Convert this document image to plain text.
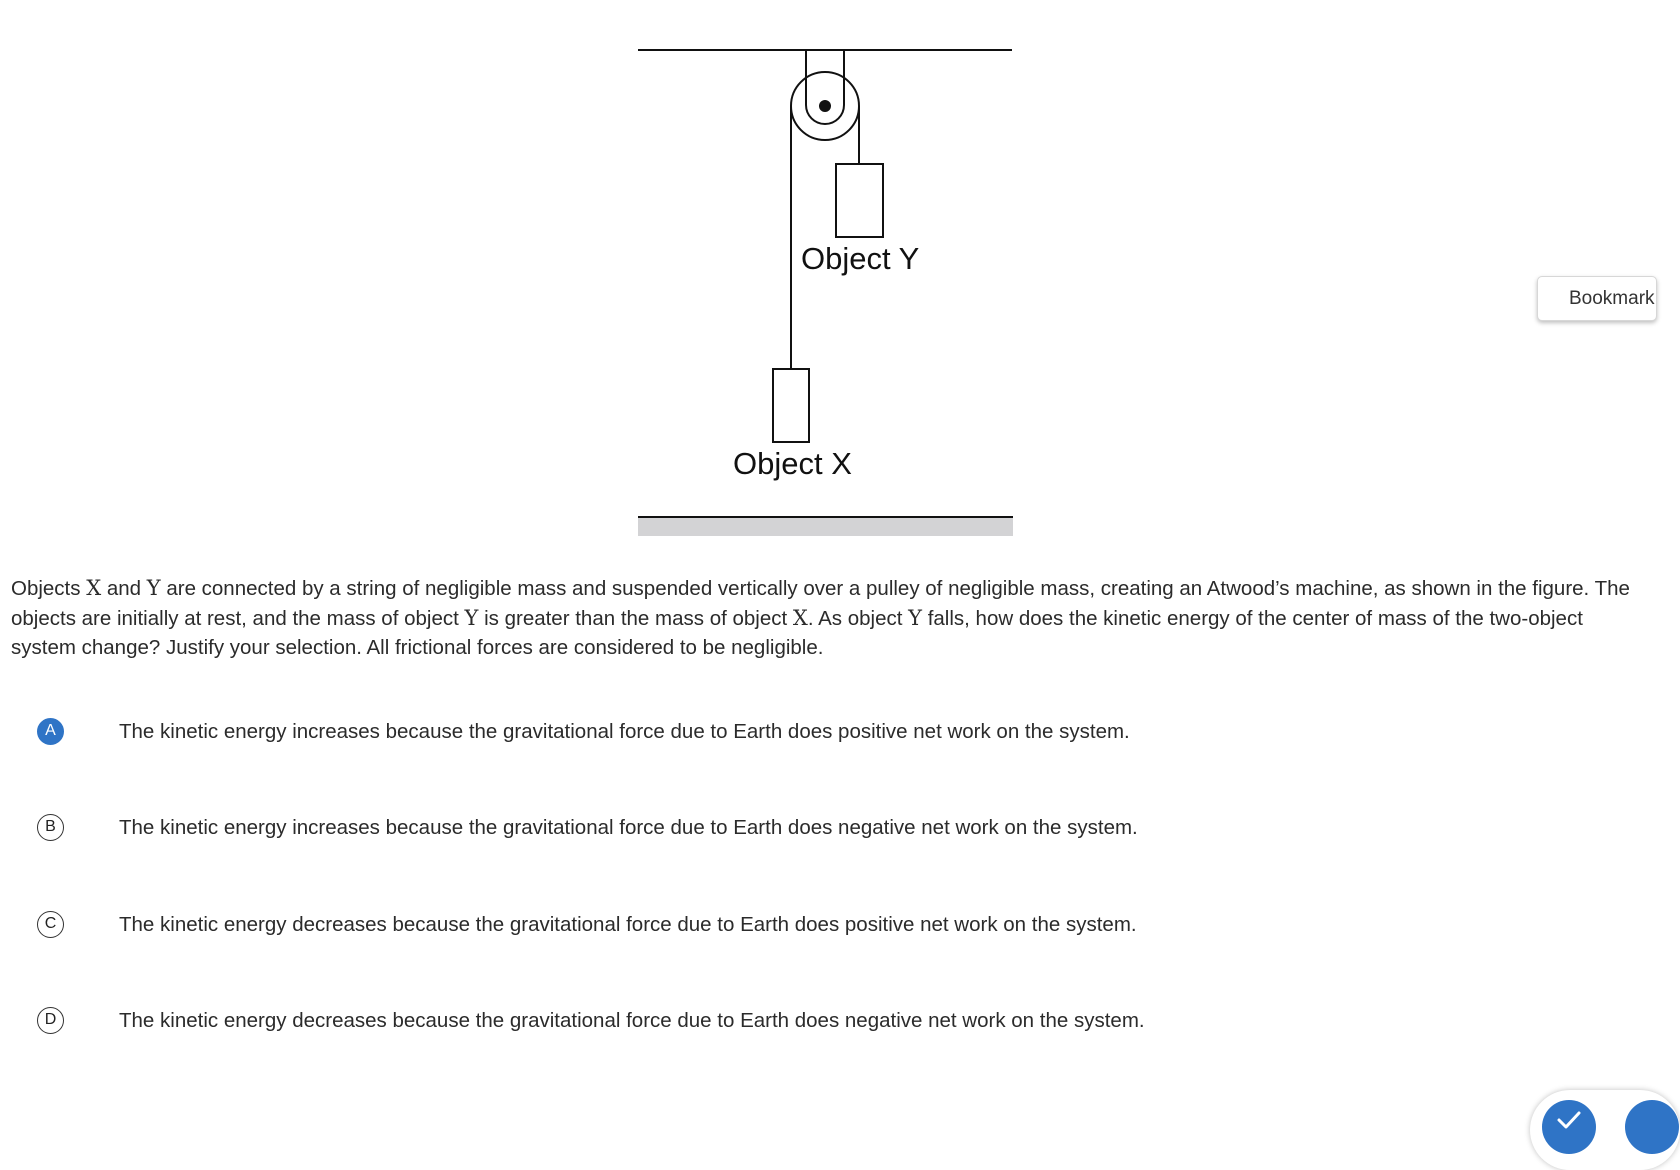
Object Y
Object X
Objects X and Y are connected by a string of negligible mass and suspended vertically over a pulley of negligible mass, creating an Atwood’s machine, as shown in the figure. The objects are initially at rest, and the mass of object Y is greater than the mass of object X. As object Y falls, how does the kinetic energy of the center of mass of the two-object system change? Justify your selection. All frictional forces are considered to be negligible.
A	The kinetic energy increases because the gravitational force due to Earth does positive net work on the system.
B	The kinetic energy increases because the gravitational force due to Earth does negative net work on the system.
C	The kinetic energy decreases because the gravitational force due to Earth does positive net work on the system.
D	The kinetic energy decreases because the gravitational force due to Earth does negative net work on the system.
Bookmark
